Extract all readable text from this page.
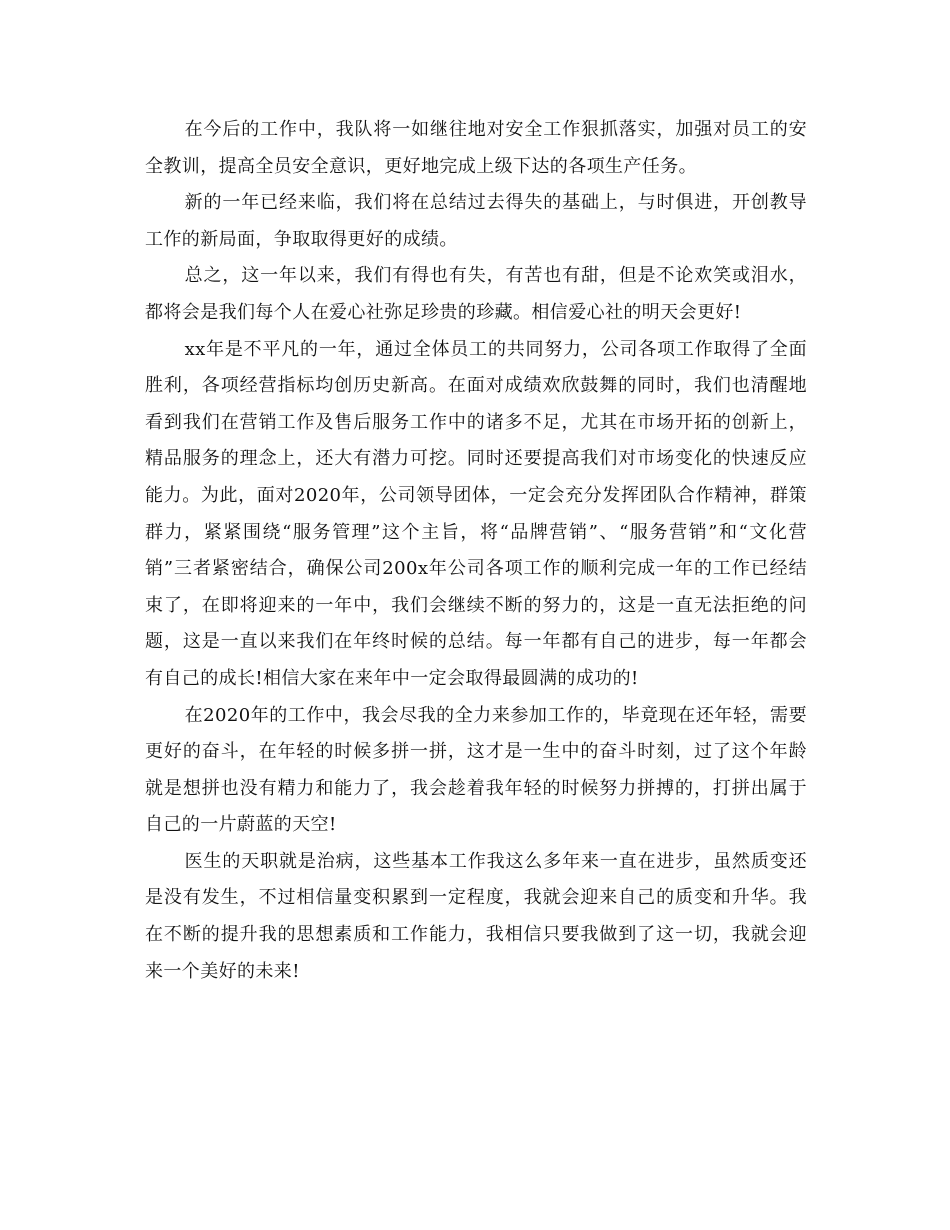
在今后的工作中，我队将一如继往地对安全工作狠抓落实，加强对员工的安全教训，提高全员安全意识，更好地完成上级下达的各项生产任务。

新的一年已经来临，我们将在总结过去得失的基础上，与时俱进，开创教导工作的新局面，争取取得更好的成绩。

总之，这一年以来，我们有得也有失，有苦也有甜，但是不论欢笑或泪水，都将会是我们每个人在爱心社弥足珍贵的珍藏。相信爱心社的明天会更好!

xx年是不平凡的一年，通过全体员工的共同努力，公司各项工作取得了全面胜利，各项经营指标均创历史新高。在面对成绩欢欣鼓舞的同时，我们也清醒地看到我们在营销工作及售后服务工作中的诸多不足，尤其在市场开拓的创新上，精品服务的理念上，还大有潜力可挖。同时还要提高我们对市场变化的快速反应能力。为此，面对2020年，公司领导团体，一定会充分发挥团队合作精神，群策群力，紧紧围绕“服务管理”这个主旨，将“品牌营销”、“服务营销”和“文化营销”三者紧密结合，确保公司200x年公司各项工作的顺利完成一年的工作已经结束了，在即将迎来的一年中，我们会继续不断的努力的，这是一直无法拒绝的问题，这是一直以来我们在年终时候的总结。每一年都有自己的进步，每一年都会有自己的成长!相信大家在来年中一定会取得最圆满的成功的!

在2020年的工作中，我会尽我的全力来参加工作的，毕竟现在还年轻，需要更好的奋斗，在年轻的时候多拼一拼，这才是一生中的奋斗时刻，过了这个年龄就是想拼也没有精力和能力了，我会趁着我年轻的时候努力拼搏的，打拼出属于自己的一片蔚蓝的天空!

医生的天职就是治病，这些基本工作我这么多年来一直在进步，虽然质变还是没有发生，不过相信量变积累到一定程度，我就会迎来自己的质变和升华。我在不断的提升我的思想素质和工作能力，我相信只要我做到了这一切，我就会迎来一个美好的未来!
